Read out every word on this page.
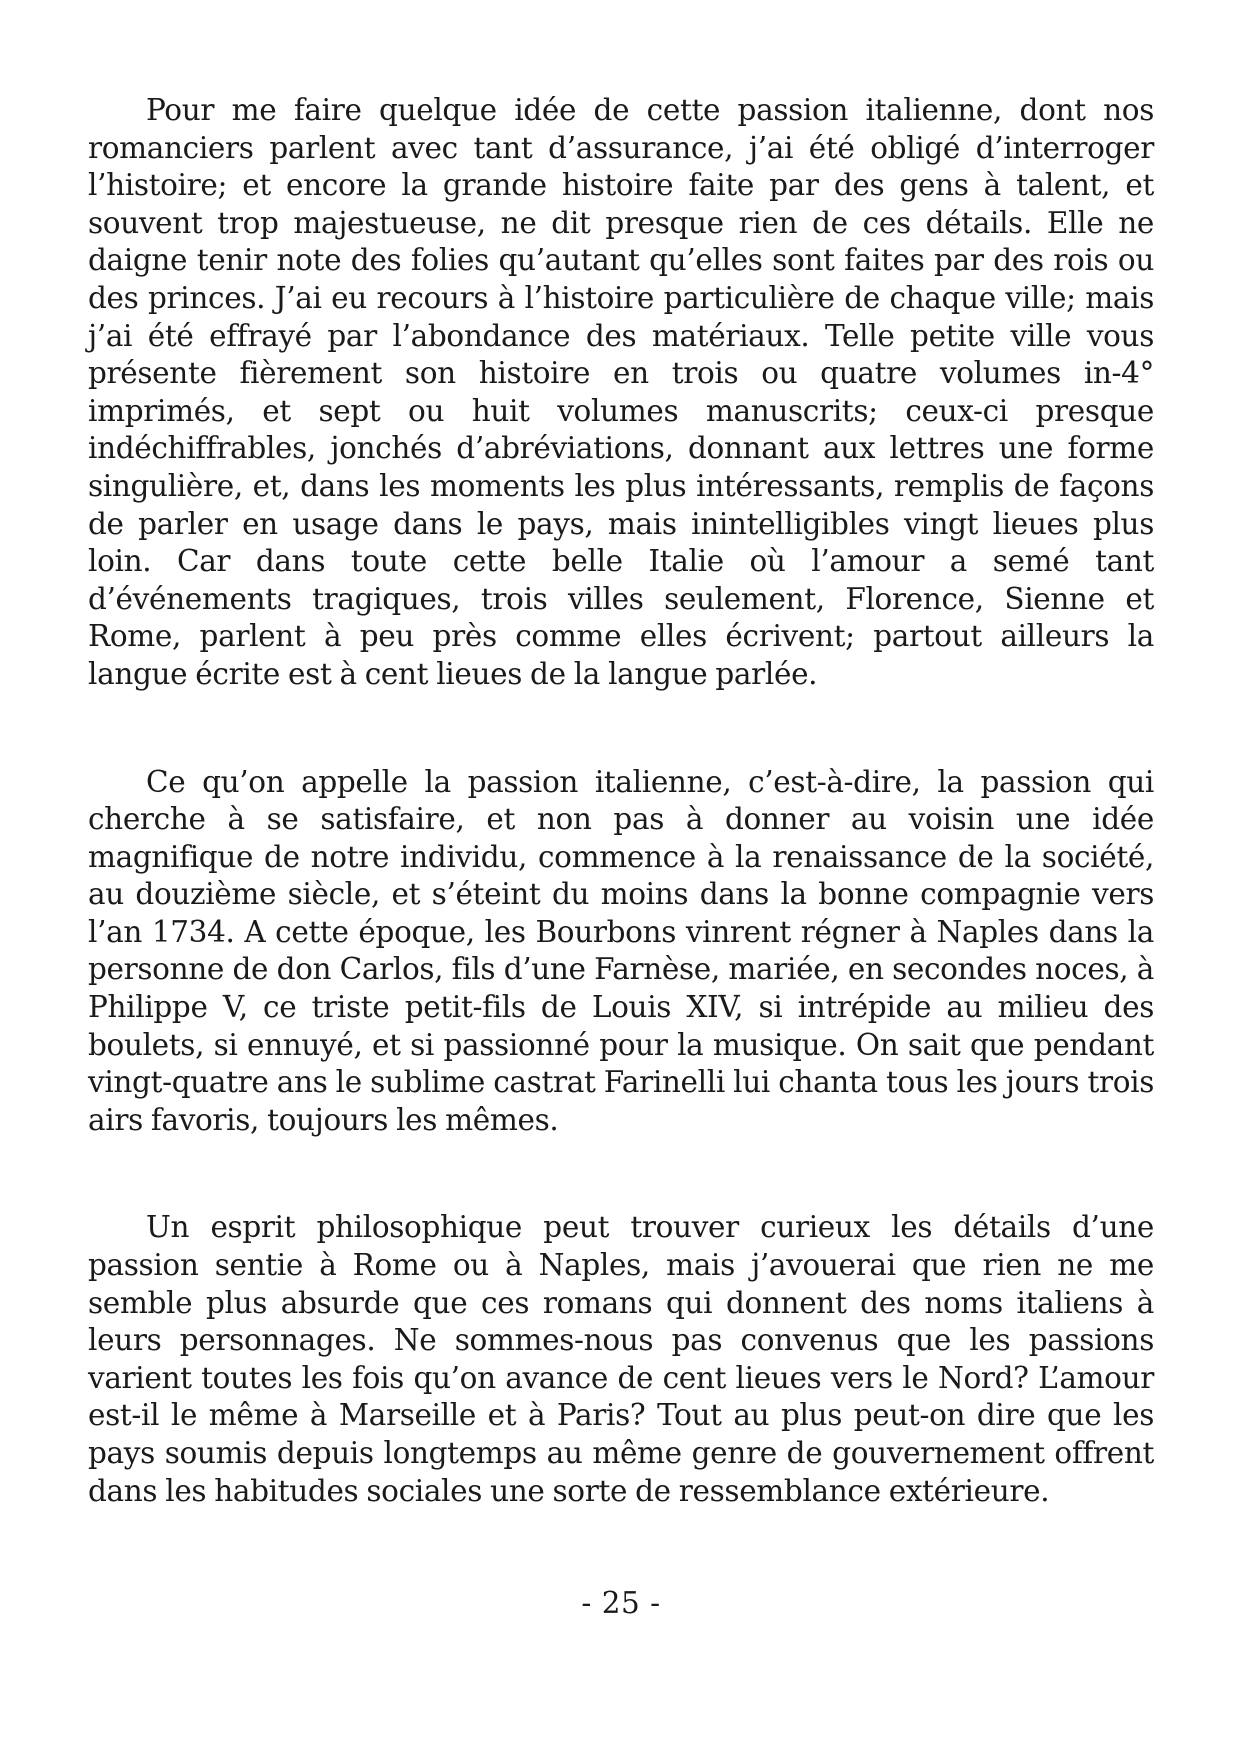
Pour me faire quelque idée de cette passion italienne, dont nos romanciers parlent avec tant d’assurance, j’ai été obligé d’interroger l’histoire; et encore la grande histoire faite par des gens à talent, et souvent trop majestueuse, ne dit presque rien de ces détails. Elle ne daigne tenir note des folies qu’autant qu’elles sont faites par des rois ou des princes. J’ai eu recours à l’histoire particulière de chaque ville; mais j’ai été effrayé par l’abondance des matériaux. Telle petite ville vous présente fièrement son histoire en trois ou quatre volumes in-4° imprimés, et sept ou huit volumes manuscrits; ceux-ci presque indéchiffrables, jonchés d’abréviations, donnant aux lettres une forme singulière, et, dans les moments les plus intéressants, remplis de façons de parler en usage dans le pays, mais inintelligibles vingt lieues plus loin. Car dans toute cette belle Italie où l’amour a semé tant d’événements tragiques, trois villes seulement, Florence, Sienne et Rome, parlent à peu près comme elles écrivent; partout ailleurs la langue écrite est à cent lieues de la langue parlée.

Ce qu’on appelle la passion italienne, c’est-à-dire, la passion qui cherche à se satisfaire, et non pas à donner au voisin une idée magnifique de notre individu, commence à la renaissance de la société, au douzième siècle, et s’éteint du moins dans la bonne compagnie vers l’an 1734. A cette époque, les Bourbons vinrent régner à Naples dans la personne de don Carlos, fils d’une Farnèse, mariée, en secondes noces, à Philippe V, ce triste petit-fils de Louis XIV, si intrépide au milieu des boulets, si ennuyé, et si passionné pour la musique. On sait que pendant vingt-quatre ans le sublime castrat Farinelli lui chanta tous les jours trois airs favoris, toujours les mêmes.

Un esprit philosophique peut trouver curieux les détails d’une passion sentie à Rome ou à Naples, mais j’avouerai que rien ne me semble plus absurde que ces romans qui donnent des noms italiens à leurs personnages. Ne sommes-nous pas convenus que les passions varient toutes les fois qu’on avance de cent lieues vers le Nord? L’amour est-il le même à Marseille et à Paris? Tout au plus peut-on dire que les pays soumis depuis longtemps au même genre de gouvernement offrent dans les habitudes sociales une sorte de ressemblance extérieure.

- 25 -
